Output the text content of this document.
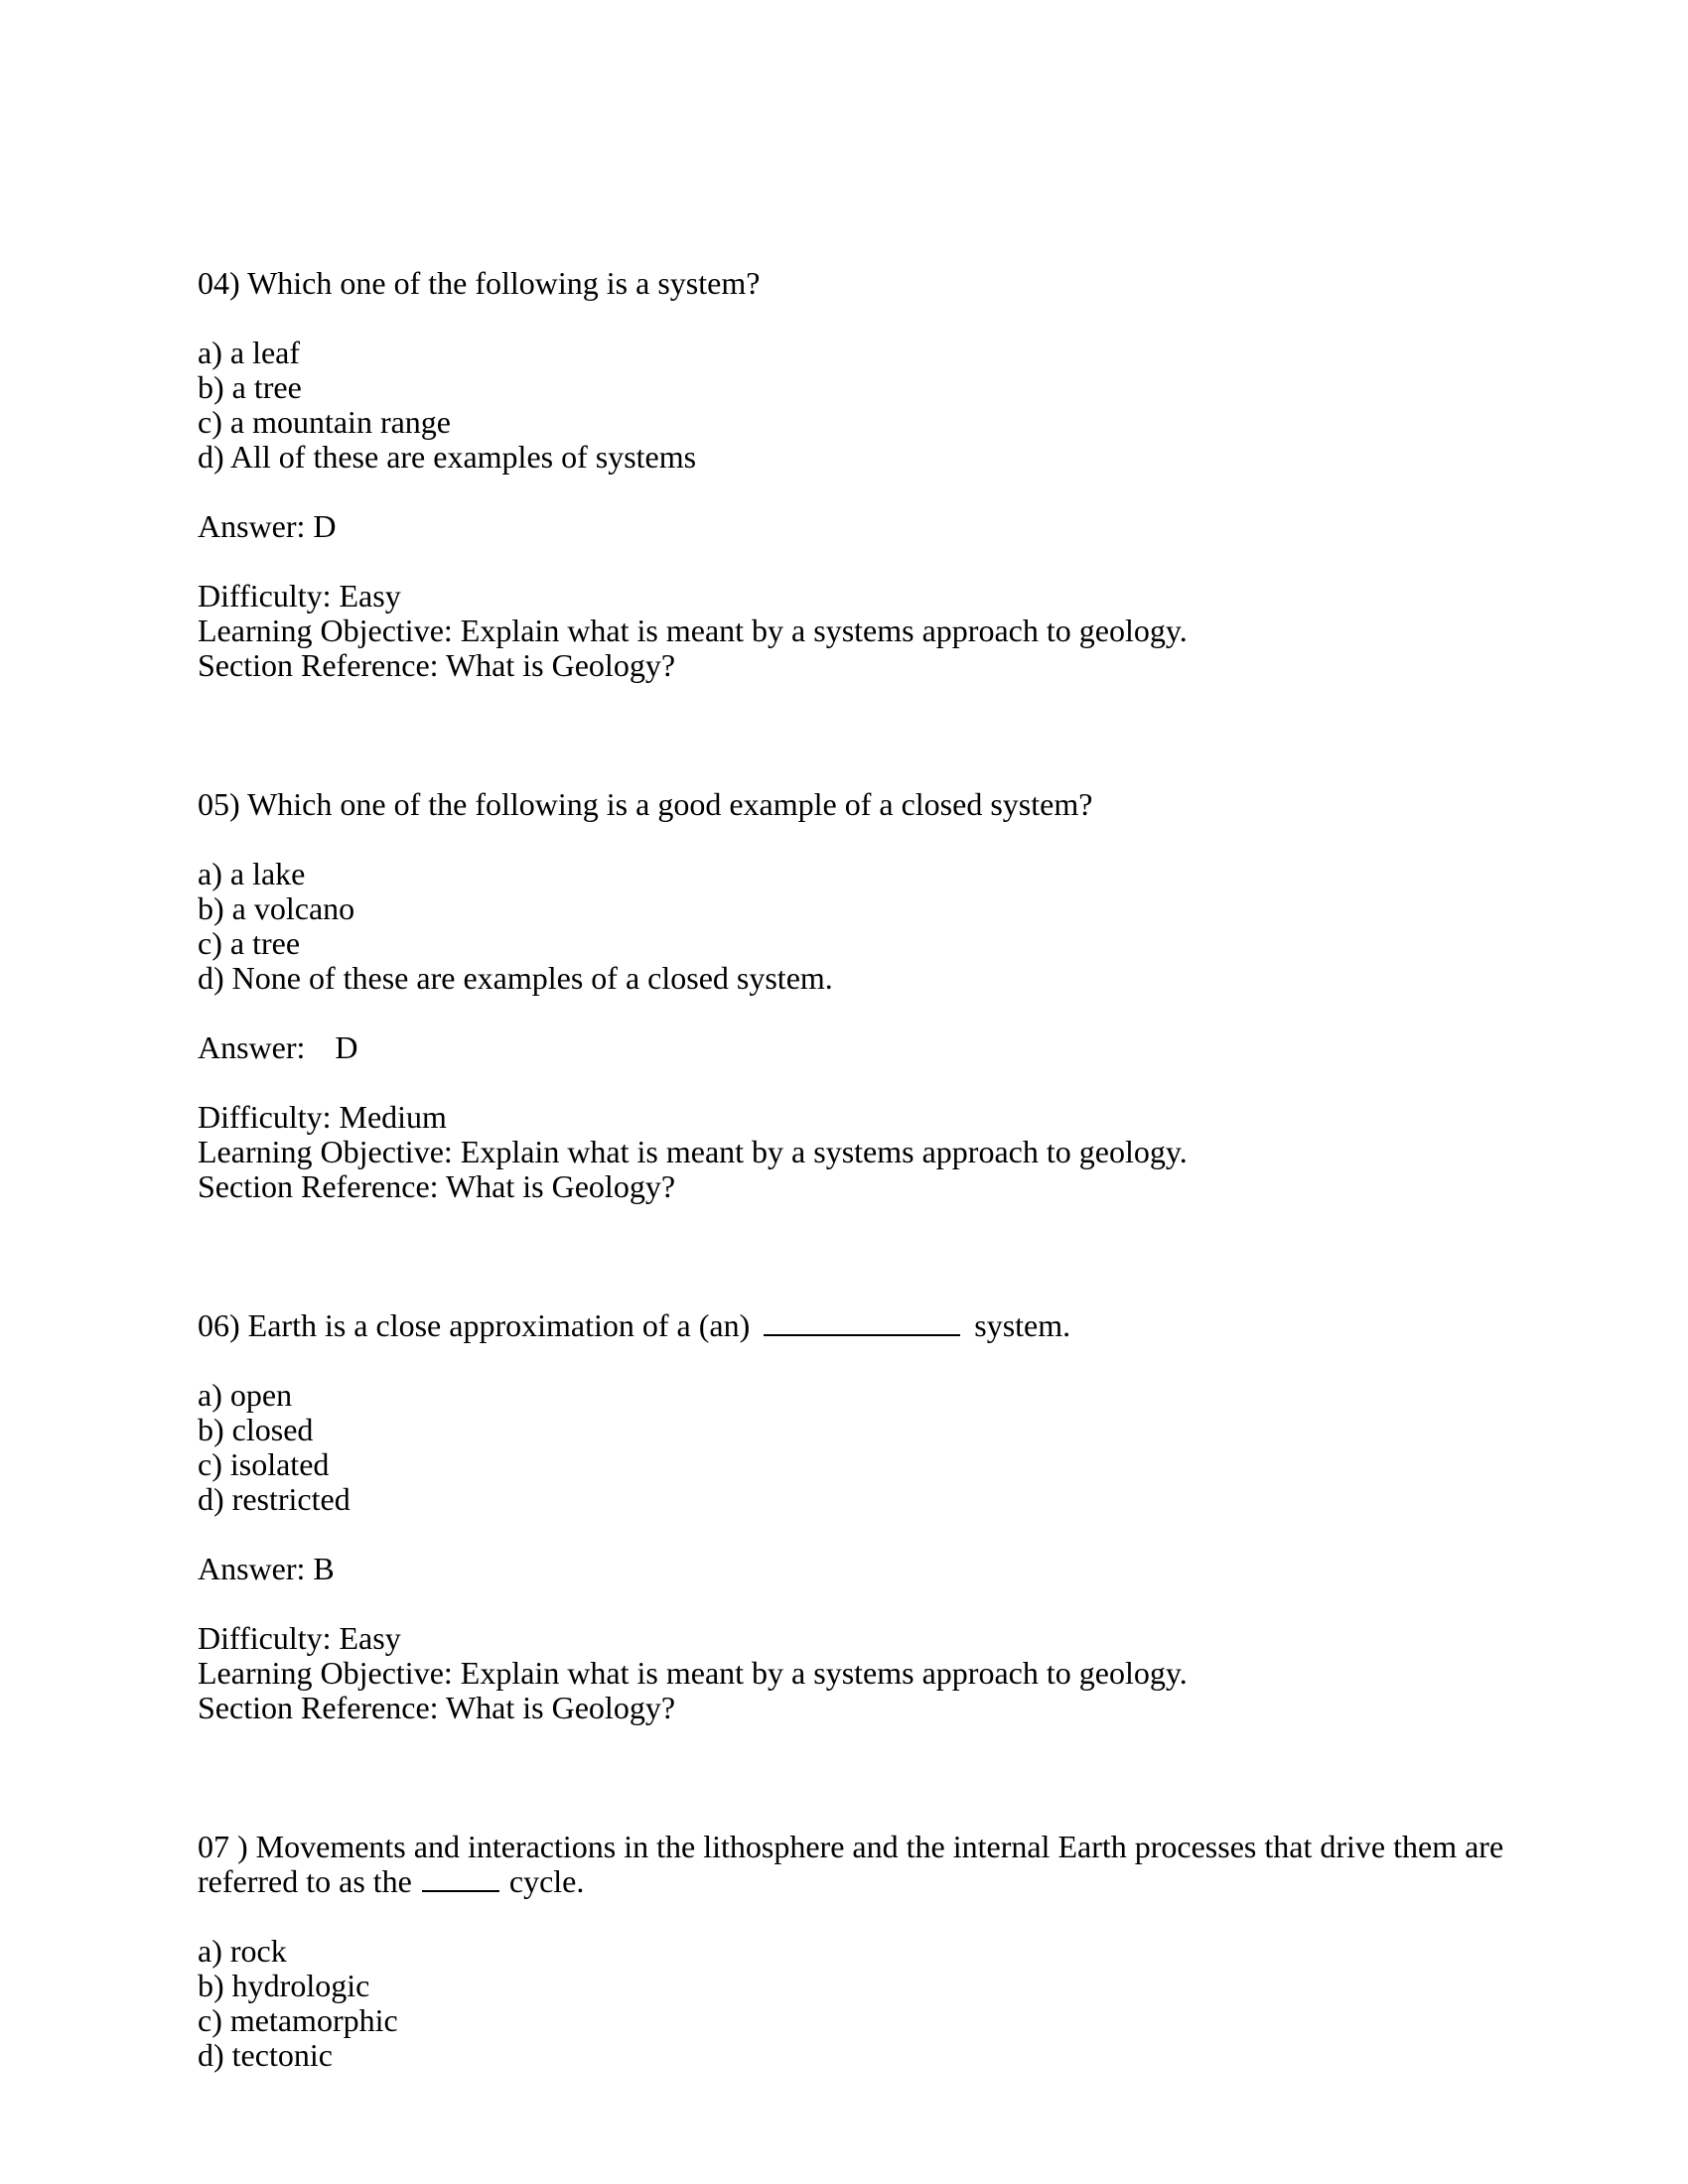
04) Which one of the following is a system?
a) a leaf
b) a tree
c) a mountain range
d) All of these are examples of systems
Answer: D
Difficulty: Easy
Learning Objective: Explain what is meant by a systems approach to geology.
Section Reference: What is Geology?
05) Which one of the following is a good example of a closed system?
a) a lake
b) a volcano
c) a tree
d) None of these are examples of a closed system.
Answer: D
Difficulty: Medium
Learning Objective: Explain what is meant by a systems approach to geology.
Section Reference: What is Geology?
06) Earth is a close approximation of a (an)	system.
a) open
b) closed
c) isolated
d) restricted
Answer: B
Difficulty: Easy
Learning Objective: Explain what is meant by a systems approach to geology.
Section Reference: What is Geology?
07 ) Movements and interactions in the lithosphere and the internal Earth processes that drive them are
referred to as the	cycle.
a) rock
b) hydrologic
c) metamorphic
d) tectonic
